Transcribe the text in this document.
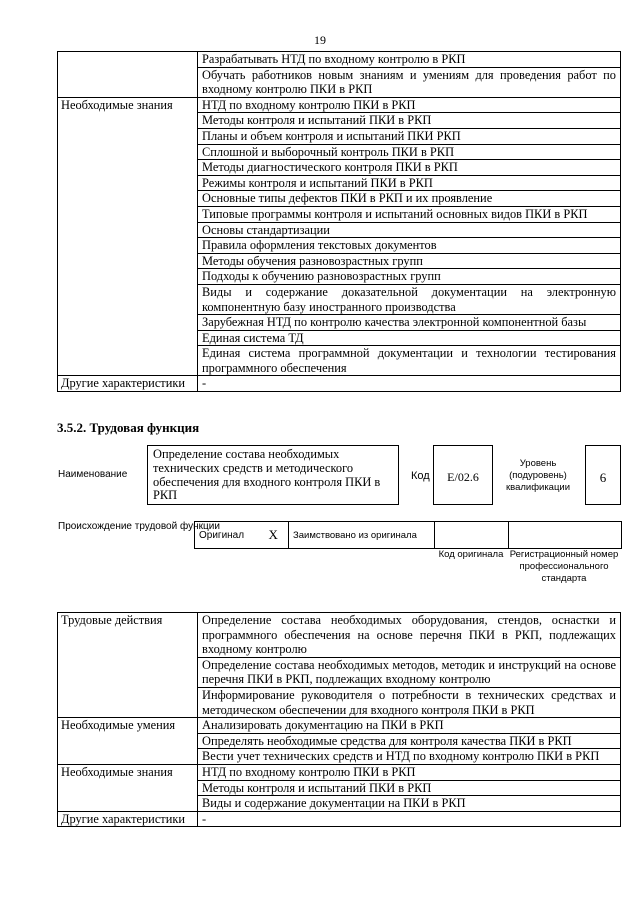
19
	Разрабатывать НТД по входному контролю в РКП
	Обучать работников новым знаниям и умениям для проведения работ по входному контролю ПКИ в РКП
Необходимые знания	НТД по входному контролю ПКИ в РКП
	Методы контроля и испытаний ПКИ в РКП
	Планы и объем контроля и испытаний ПКИ РКП
	Сплошной и выборочный контроль ПКИ в РКП
	Методы диагностического контроля ПКИ в РКП
	Режимы контроля и испытаний ПКИ в РКП
	Основные типы дефектов ПКИ в РКП и их проявление
	Типовые программы контроля и испытаний основных видов ПКИ в РКП
	Основы стандартизации
	Правила оформления текстовых документов
	Методы обучения разновозрастных групп
	Подходы к обучению разновозрастных групп
	Виды и содержание доказательной документации на электронную компонентную базу иностранного производства
	Зарубежная НТД по контролю качества электронной компонентной базы
	Единая система ТД
	Единая система программной документации и технологии тестирования программного обеспечения
Другие характеристики	-
3.5.2. Трудовая функция
Наименование
Определение состава необходимых технических средств и методического обеспечения для входного контроля ПКИ в РКП
Код	Е/02.6
Уровень (подуровень) квалификации
6
Происхождение трудовой функции
Оригинал	Х	Заимствовано из оригинала		
Код оригинала Регистрационный номер профессионального стандарта
Трудовые действия	Определение состава необходимых оборудования, стендов, оснастки и программного обеспечения на основе перечня ПКИ в РКП, подлежащих входному контролю
	Определение состава необходимых методов, методик и инструкций на основе перечня ПКИ в РКП, подлежащих входному контролю
	Информирование руководителя о потребности в технических средствах и методическом обеспечении для входного контроля ПКИ в РКП
Необходимые умения	Анализировать документацию на ПКИ в РКП
	Определять необходимые средства для контроля качества ПКИ в РКП
	Вести учет технических средств и НТД по входному контролю ПКИ в РКП
Необходимые знания	НТД по входному контролю ПКИ в РКП
	Методы контроля и испытаний ПКИ в РКП
	Виды и содержание документации на ПКИ в РКП
Другие характеристики	-
